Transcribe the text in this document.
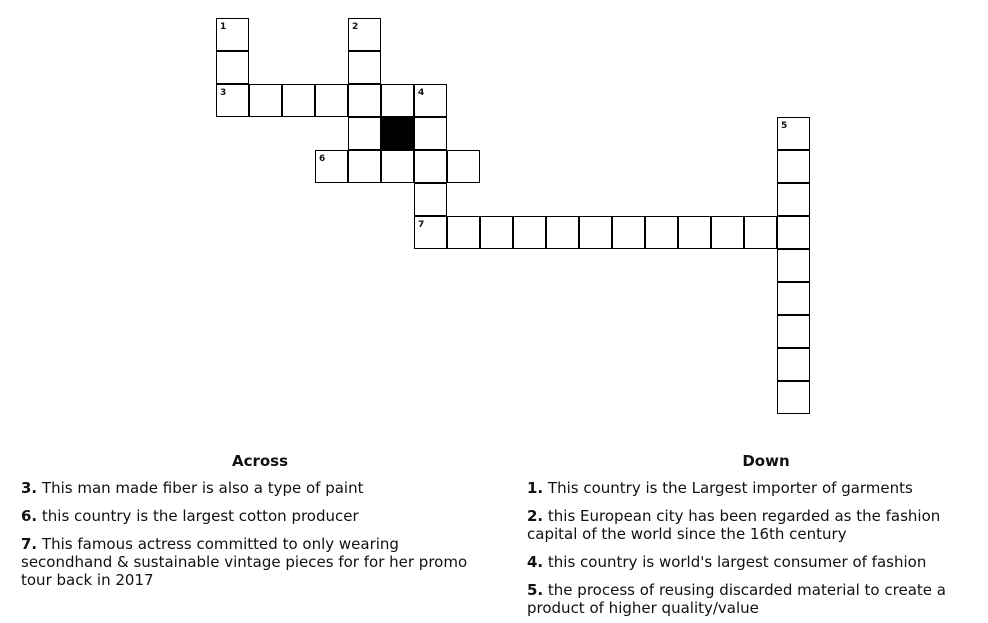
1
3
2
4
7
6
5
Across	Down
3. This man made fiber is also a type of paint
6. this country is the largest cotton producer
7. This famous actress committed to only wearing secondhand & sustainable vintage pieces for for her promo tour back in 2017
1. This country is the Largest importer of garments
2. this European city has been regarded as the fashion capital of the world since the 16th century
4. this country is world's largest consumer of fashion
5. the process of reusing discarded material to create a product of higher quality/value
